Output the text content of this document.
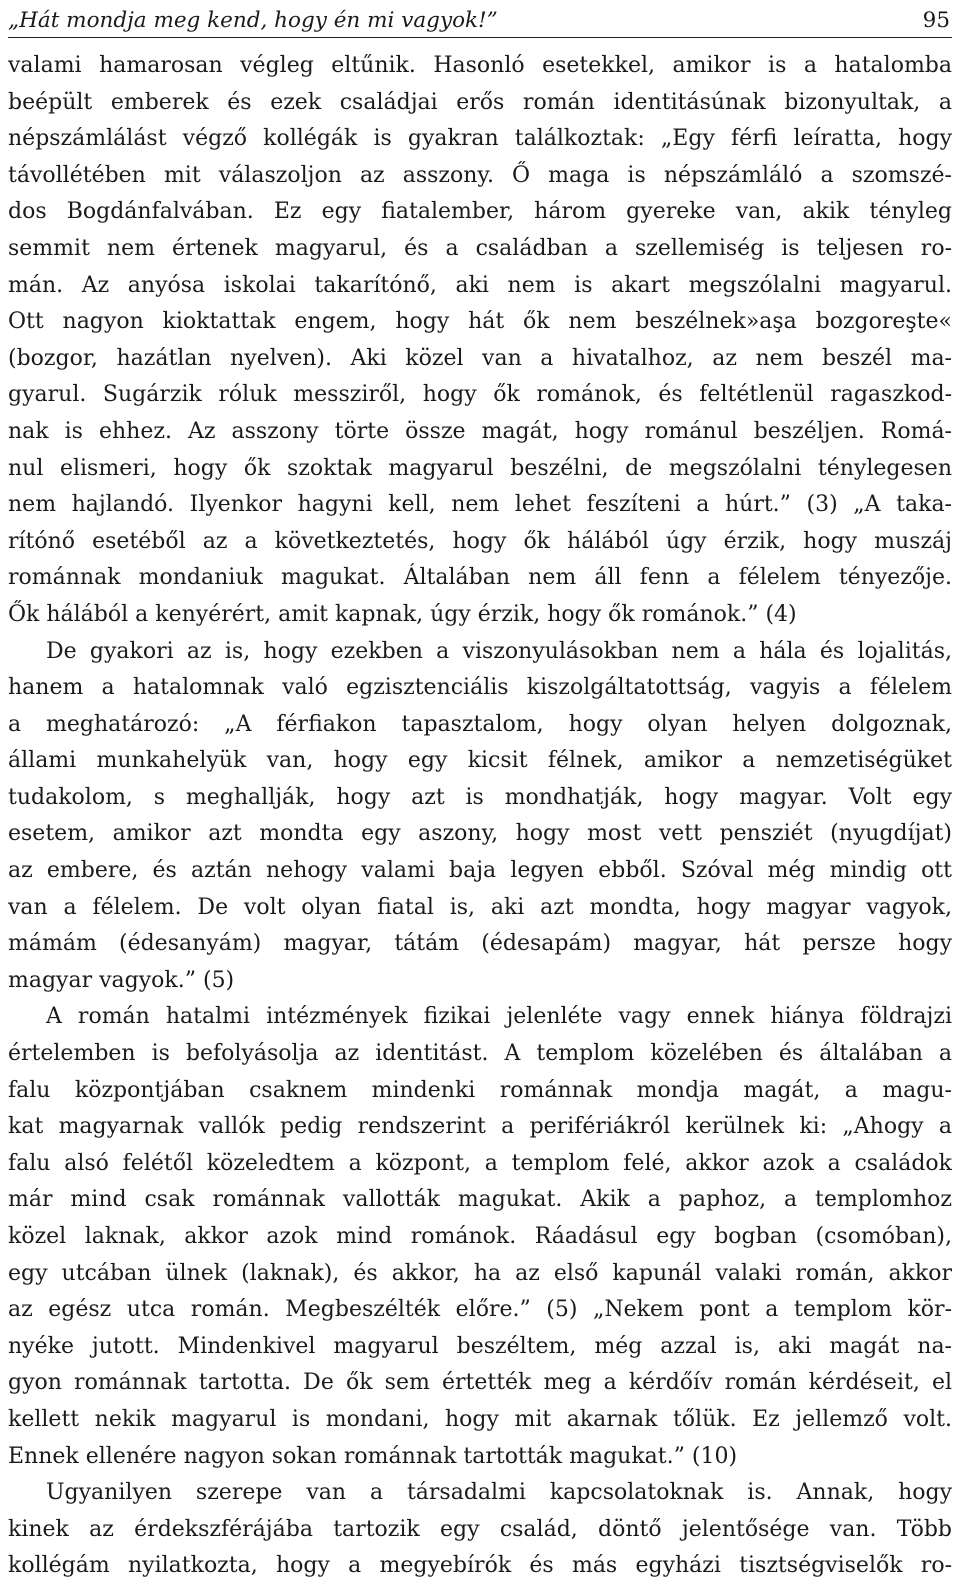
„Hát mondja meg kend, hogy én mi vagyok!”	95
valami hamarosan végleg eltűnik. Hasonló esetekkel, amikor is a hatalomba
beépült emberek és ezek családjai erős román identitásúnak bizonyultak, a
népszámlálást végző kollégák is gyakran találkoztak: „Egy férfi leíratta, hogy
távollétében mit válaszoljon az asszony. Ő maga is népszámláló a szomszé-
dos Bogdánfalvában. Ez egy fiatalember, három gyereke van, akik tényleg
semmit nem értenek magyarul, és a családban a szellemiség is teljesen ro-
mán. Az anyósa iskolai takarítónő, aki nem is akart megszólalni magyarul.
Ott nagyon kioktattak engem, hogy hát ők nem beszélnek»aşa bozgoreşte«
(bozgor, hazátlan nyelven). Aki közel van a hivatalhoz, az nem beszél ma-
gyarul. Sugárzik róluk messziről, hogy ők románok, és feltétlenül ragaszkod-
nak is ehhez. Az asszony törte össze magát, hogy románul beszéljen. Romá-
nul elismeri, hogy ők szoktak magyarul beszélni, de megszólalni ténylegesen
nem hajlandó. Ilyenkor hagyni kell, nem lehet feszíteni a húrt.” (3) „A taka-
rítónő esetéből az a következtetés, hogy ők hálából úgy érzik, hogy muszáj
románnak mondaniuk magukat. Általában nem áll fenn a félelem tényezője.
Ők hálából a kenyérért, amit kapnak, úgy érzik, hogy ők románok.” (4)
De gyakori az is, hogy ezekben a viszonyulásokban nem a hála és lojalitás,
hanem a hatalomnak való egzisztenciális kiszolgáltatottság, vagyis a félelem
a meghatározó: „A férfiakon tapasztalom, hogy olyan helyen dolgoznak,
állami munkahelyük van, hogy egy kicsit félnek, amikor a nemzetiségüket
tudakolom, s meghallják, hogy azt is mondhatják, hogy magyar. Volt egy
esetem, amikor azt mondta egy aszony, hogy most vett pensziét (nyugdíjat)
az embere, és aztán nehogy valami baja legyen ebből. Szóval még mindig ott
van a félelem. De volt olyan fiatal is, aki azt mondta, hogy magyar vagyok,
mámám (édesanyám) magyar, tátám (édesapám) magyar, hát persze hogy
magyar vagyok.” (5)
A román hatalmi intézmények fizikai jelenléte vagy ennek hiánya földrajzi
értelemben is befolyásolja az identitást. A templom közelében és általában a
falu központjában csaknem mindenki románnak mondja magát, a magu-
kat magyarnak vallók pedig rendszerint a perifériákról kerülnek ki: „Ahogy a
falu alsó felétől közeledtem a központ, a templom felé, akkor azok a családok
már mind csak románnak vallották magukat. Akik a paphoz, a templomhoz
közel laknak, akkor azok mind románok. Ráadásul egy bogban (csomóban),
egy utcában ülnek (laknak), és akkor, ha az első kapunál valaki román, akkor
az egész utca román. Megbeszélték előre.” (5) „Nekem pont a templom kör-
nyéke jutott. Mindenkivel magyarul beszéltem, még azzal is, aki magát na-
gyon románnak tartotta. De ők sem értették meg a kérdőív román kérdéseit, el
kellett nekik magyarul is mondani, hogy mit akarnak tőlük. Ez jellemző volt.
Ennek ellenére nagyon sokan románnak tartották magukat.” (10)
Ugyanilyen szerepe van a társadalmi kapcsolatoknak is. Annak, hogy
kinek az érdekszférájába tartozik egy család, döntő jelentősége van. Több
kollégám nyilatkozta, hogy a megyebírók és más egyházi tisztségviselők ro-
